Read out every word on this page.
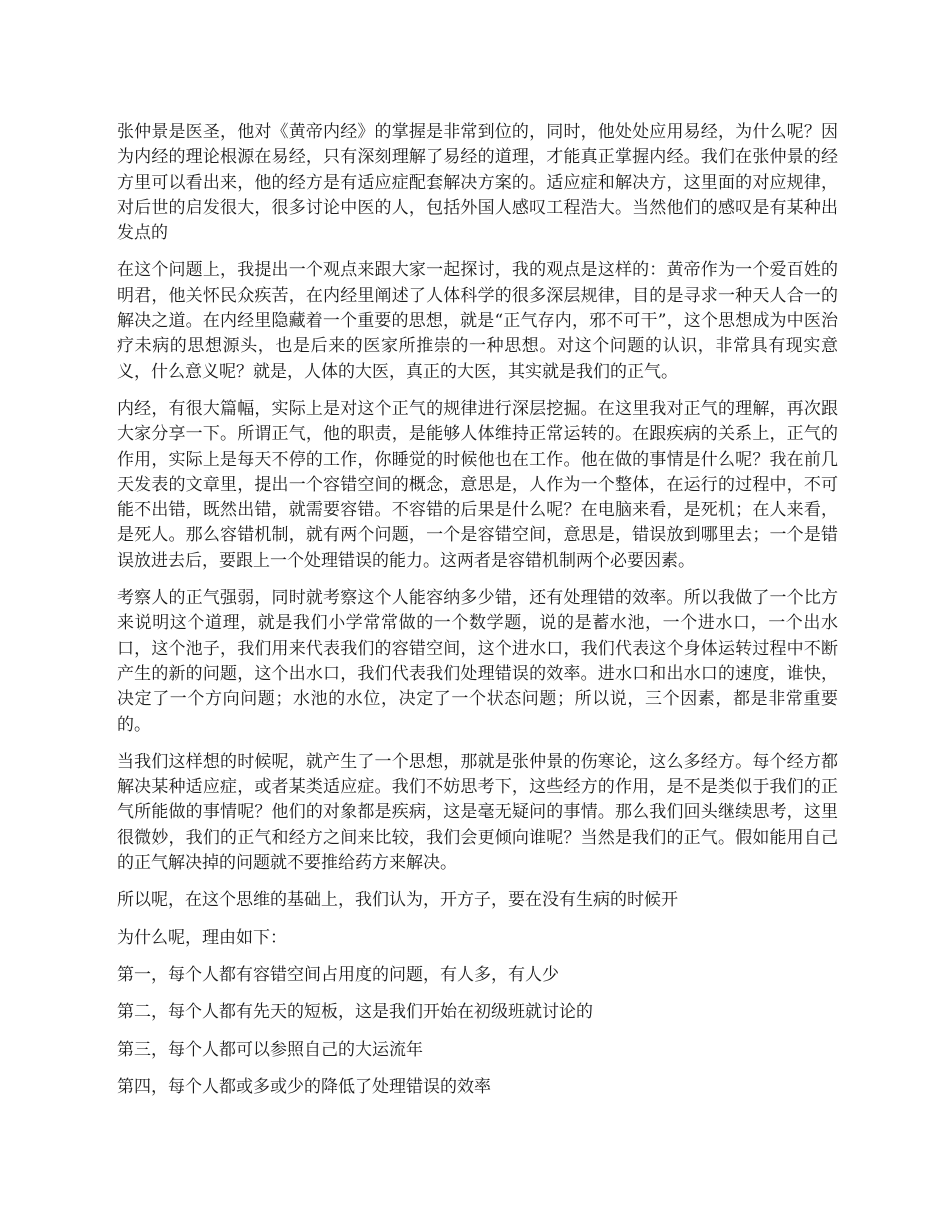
张仲景是医圣，他对《黄帝内经》的掌握是非常到位的，同时，他处处应用易经，为什么呢？因为内经的理论根源在易经，只有深刻理解了易经的道理，才能真正掌握内经。我们在张仲景的经方里可以看出来，他的经方是有适应症配套解决方案的。适应症和解决方，这里面的对应规律，对后世的启发很大，很多讨论中医的人，包括外国人感叹工程浩大。当然他们的感叹是有某种出发点的

在这个问题上，我提出一个观点来跟大家一起探讨，我的观点是这样的：黄帝作为一个爱百姓的明君，他关怀民众疾苦，在内经里阐述了人体科学的很多深层规律，目的是寻求一种天人合一的解决之道。在内经里隐藏着一个重要的思想，就是“正气存内，邪不可干”，这个思想成为中医治疗未病的思想源头，也是后来的医家所推崇的一种思想。对这个问题的认识，非常具有现实意义，什么意义呢？就是，人体的大医，真正的大医，其实就是我们的正气。

内经，有很大篇幅，实际上是对这个正气的规律进行深层挖掘。在这里我对正气的理解，再次跟大家分享一下。所谓正气，他的职责，是能够人体维持正常运转的。在跟疾病的关系上，正气的作用，实际上是每天不停的工作，你睡觉的时候他也在工作。他在做的事情是什么呢？我在前几天发表的文章里，提出一个容错空间的概念，意思是，人作为一个整体，在运行的过程中，不可能不出错，既然出错，就需要容错。不容错的后果是什么呢？在电脑来看，是死机；在人来看，是死人。那么容错机制，就有两个问题，一个是容错空间，意思是，错误放到哪里去；一个是错误放进去后，要跟上一个处理错误的能力。这两者是容错机制两个必要因素。

考察人的正气强弱，同时就考察这个人能容纳多少错，还有处理错的效率。所以我做了一个比方来说明这个道理，就是我们小学常常做的一个数学题，说的是蓄水池，一个进水口，一个出水口，这个池子，我们用来代表我们的容错空间，这个进水口，我们代表这个身体运转过程中不断产生的新的问题，这个出水口，我们代表我们处理错误的效率。进水口和出水口的速度，谁快，决定了一个方向问题；水池的水位，决定了一个状态问题；所以说，三个因素，都是非常重要的。

当我们这样想的时候呢，就产生了一个思想，那就是张仲景的伤寒论，这么多经方。每个经方都解决某种适应症，或者某类适应症。我们不妨思考下，这些经方的作用，是不是类似于我们的正气所能做的事情呢？他们的对象都是疾病，这是毫无疑问的事情。那么我们回头继续思考，这里很微妙，我们的正气和经方之间来比较，我们会更倾向谁呢？当然是我们的正气。假如能用自己的正气解决掉的问题就不要推给药方来解决。

所以呢，在这个思维的基础上，我们认为，开方子，要在没有生病的时候开

为什么呢，理由如下：

第一，每个人都有容错空间占用度的问题，有人多，有人少

第二，每个人都有先天的短板，这是我们开始在初级班就讨论的

第三，每个人都可以参照自己的大运流年

第四，每个人都或多或少的降低了处理错误的效率
